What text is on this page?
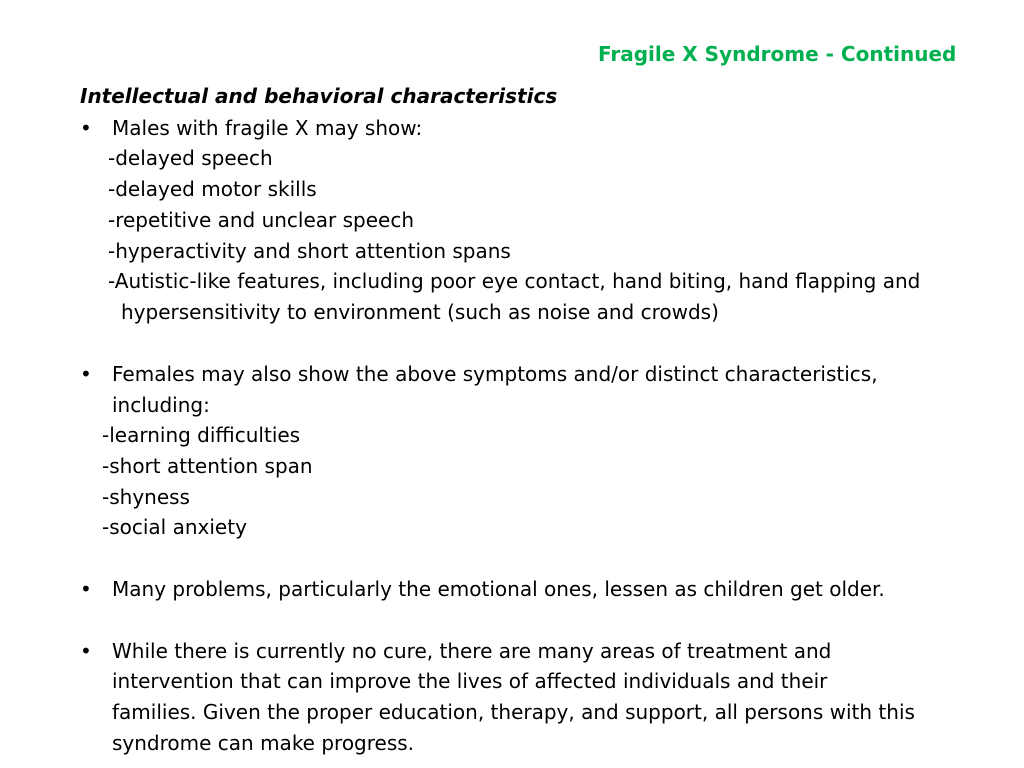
Fragile X Syndrome - Continued
Intellectual and behavioral characteristics
• Males with fragile X may show:
-delayed speech
-delayed motor skills
-repetitive and unclear speech
-hyperactivity and short attention spans
-Autistic-like features, including poor eye contact, hand biting, hand flapping and
hypersensitivity to environment (such as noise and crowds)
• Females may also show the above symptoms and/or distinct characteristics,
including:
-learning difficulties
-short attention span
-shyness
-social anxiety
• Many problems, particularly the emotional ones, lessen as children get older.
• While there is currently no cure, there are many areas of treatment and
intervention that can improve the lives of affected individuals and their
families. Given the proper education, therapy, and support, all persons with this
syndrome can make progress.
